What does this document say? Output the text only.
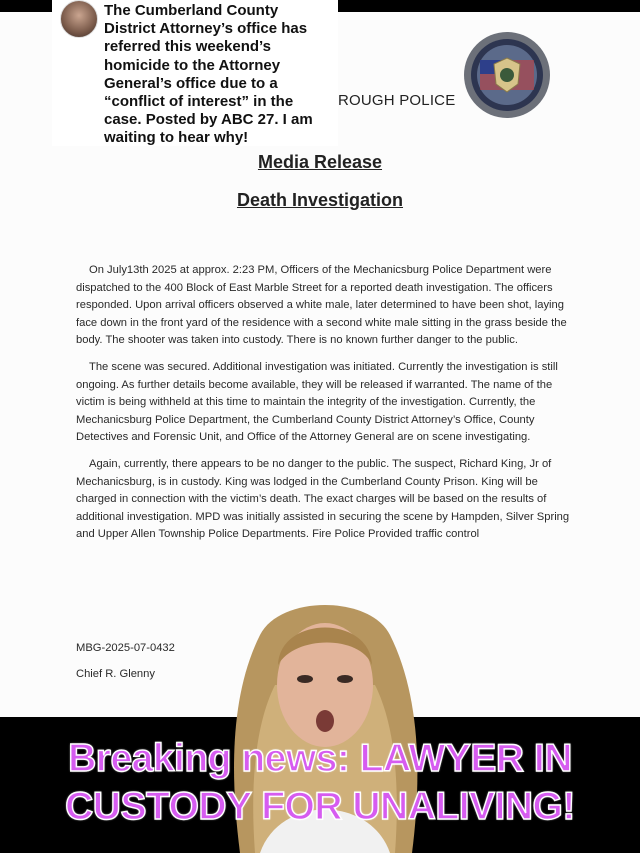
ROUGH POLICE
Media Release
Death Investigation

On July13th 2025 at approx. 2:23 PM, Officers of the Mechanicsburg Police Department were dispatched to the 400 Block of East Marble Street for a reported death investigation. The officers responded. Upon arrival officers observed a white male, later determined to have been shot, laying face down in the front yard of the residence with a second white male sitting in the grass beside the body. The shooter was taken into custody. There is no known further danger to the public.

The scene was secured. Additional investigation was initiated. Currently the investigation is still ongoing. As further details become available, they will be released if warranted. The name of the victim is being withheld at this time to maintain the integrity of the investigation. Currently, the Mechanicsburg Police Department, the Cumberland County District Attorney’s Office, County Detectives and Forensic Unit, and Office of the Attorney General are on scene investigating.

Again, currently, there appears to be no danger to the public. The suspect, Richard King, Jr of Mechanicsburg, is in custody. King was lodged in the Cumberland County Prison. King will be charged in connection with the victim’s death. The exact charges will be based on the results of additional investigation. MPD was initially assisted in securing the scene by Hampden, Silver Spring and Upper Allen Township Police Departments. Fire Police Provided traffic control

MBG-2025-07-0432
Chief R. Glenny
The Cumberland County District Attorney’s office has referred this weekend’s homicide to the Attorney General’s office due to a “conflict of interest” in the case. Posted by ABC 27. I am waiting to hear why!
Breaking news: LAWYER IN
CUSTODY FOR UNALIVING!
